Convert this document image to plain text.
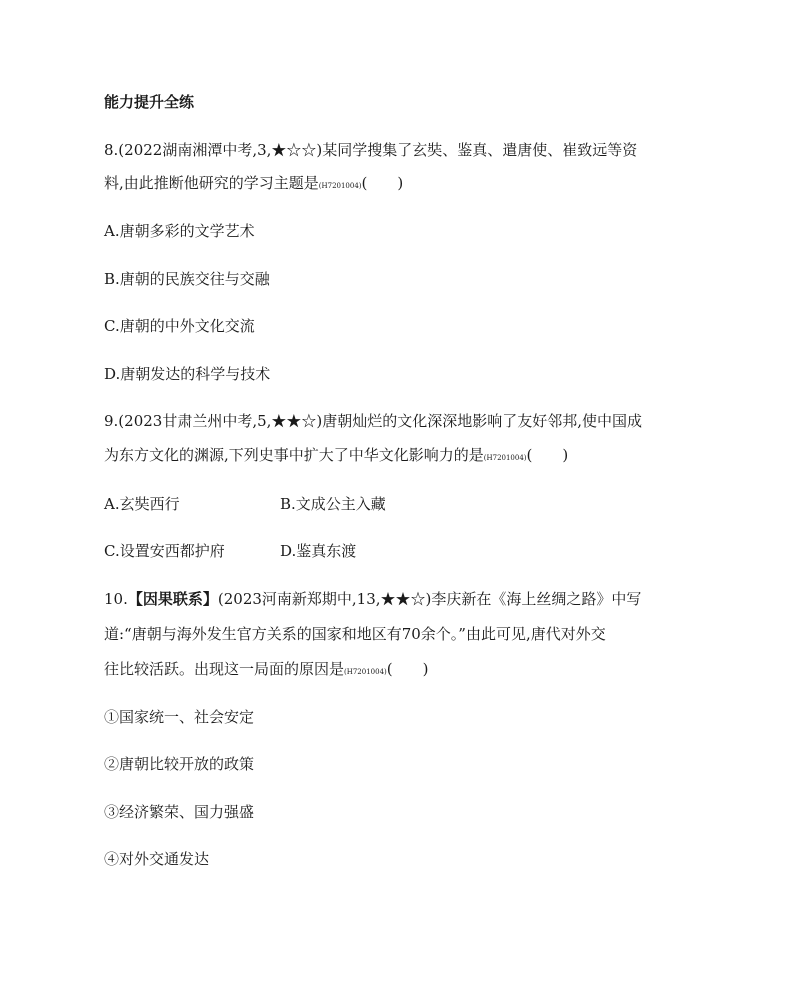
能力提升全练
8.(2022湖南湘潭中考,3,★☆☆)某同学搜集了玄奘、鉴真、遣唐使、崔致远等资
料,由此推断他研究的学习主题是(H7201004)(　　)
A.唐朝多彩的文学艺术
B.唐朝的民族交往与交融
C.唐朝的中外文化交流
D.唐朝发达的科学与技术
9.(2023甘肃兰州中考,5,★★☆)唐朝灿烂的文化深深地影响了友好邻邦,使中国成
为东方文化的渊源,下列史事中扩大了中华文化影响力的是(H7201004)(　　)
A.玄奘西行	B.文成公主入藏
C.设置安西都护府	D.鉴真东渡
10.【因果联系】(2023河南新郑期中,13,★★☆)李庆新在《海上丝绸之路》中写
道:“唐朝与海外发生官方关系的国家和地区有70余个。”由此可见,唐代对外交
往比较活跃。出现这一局面的原因是(H7201004)(　　)
①国家统一、社会安定
②唐朝比较开放的政策
③经济繁荣、国力强盛
④对外交通发达
